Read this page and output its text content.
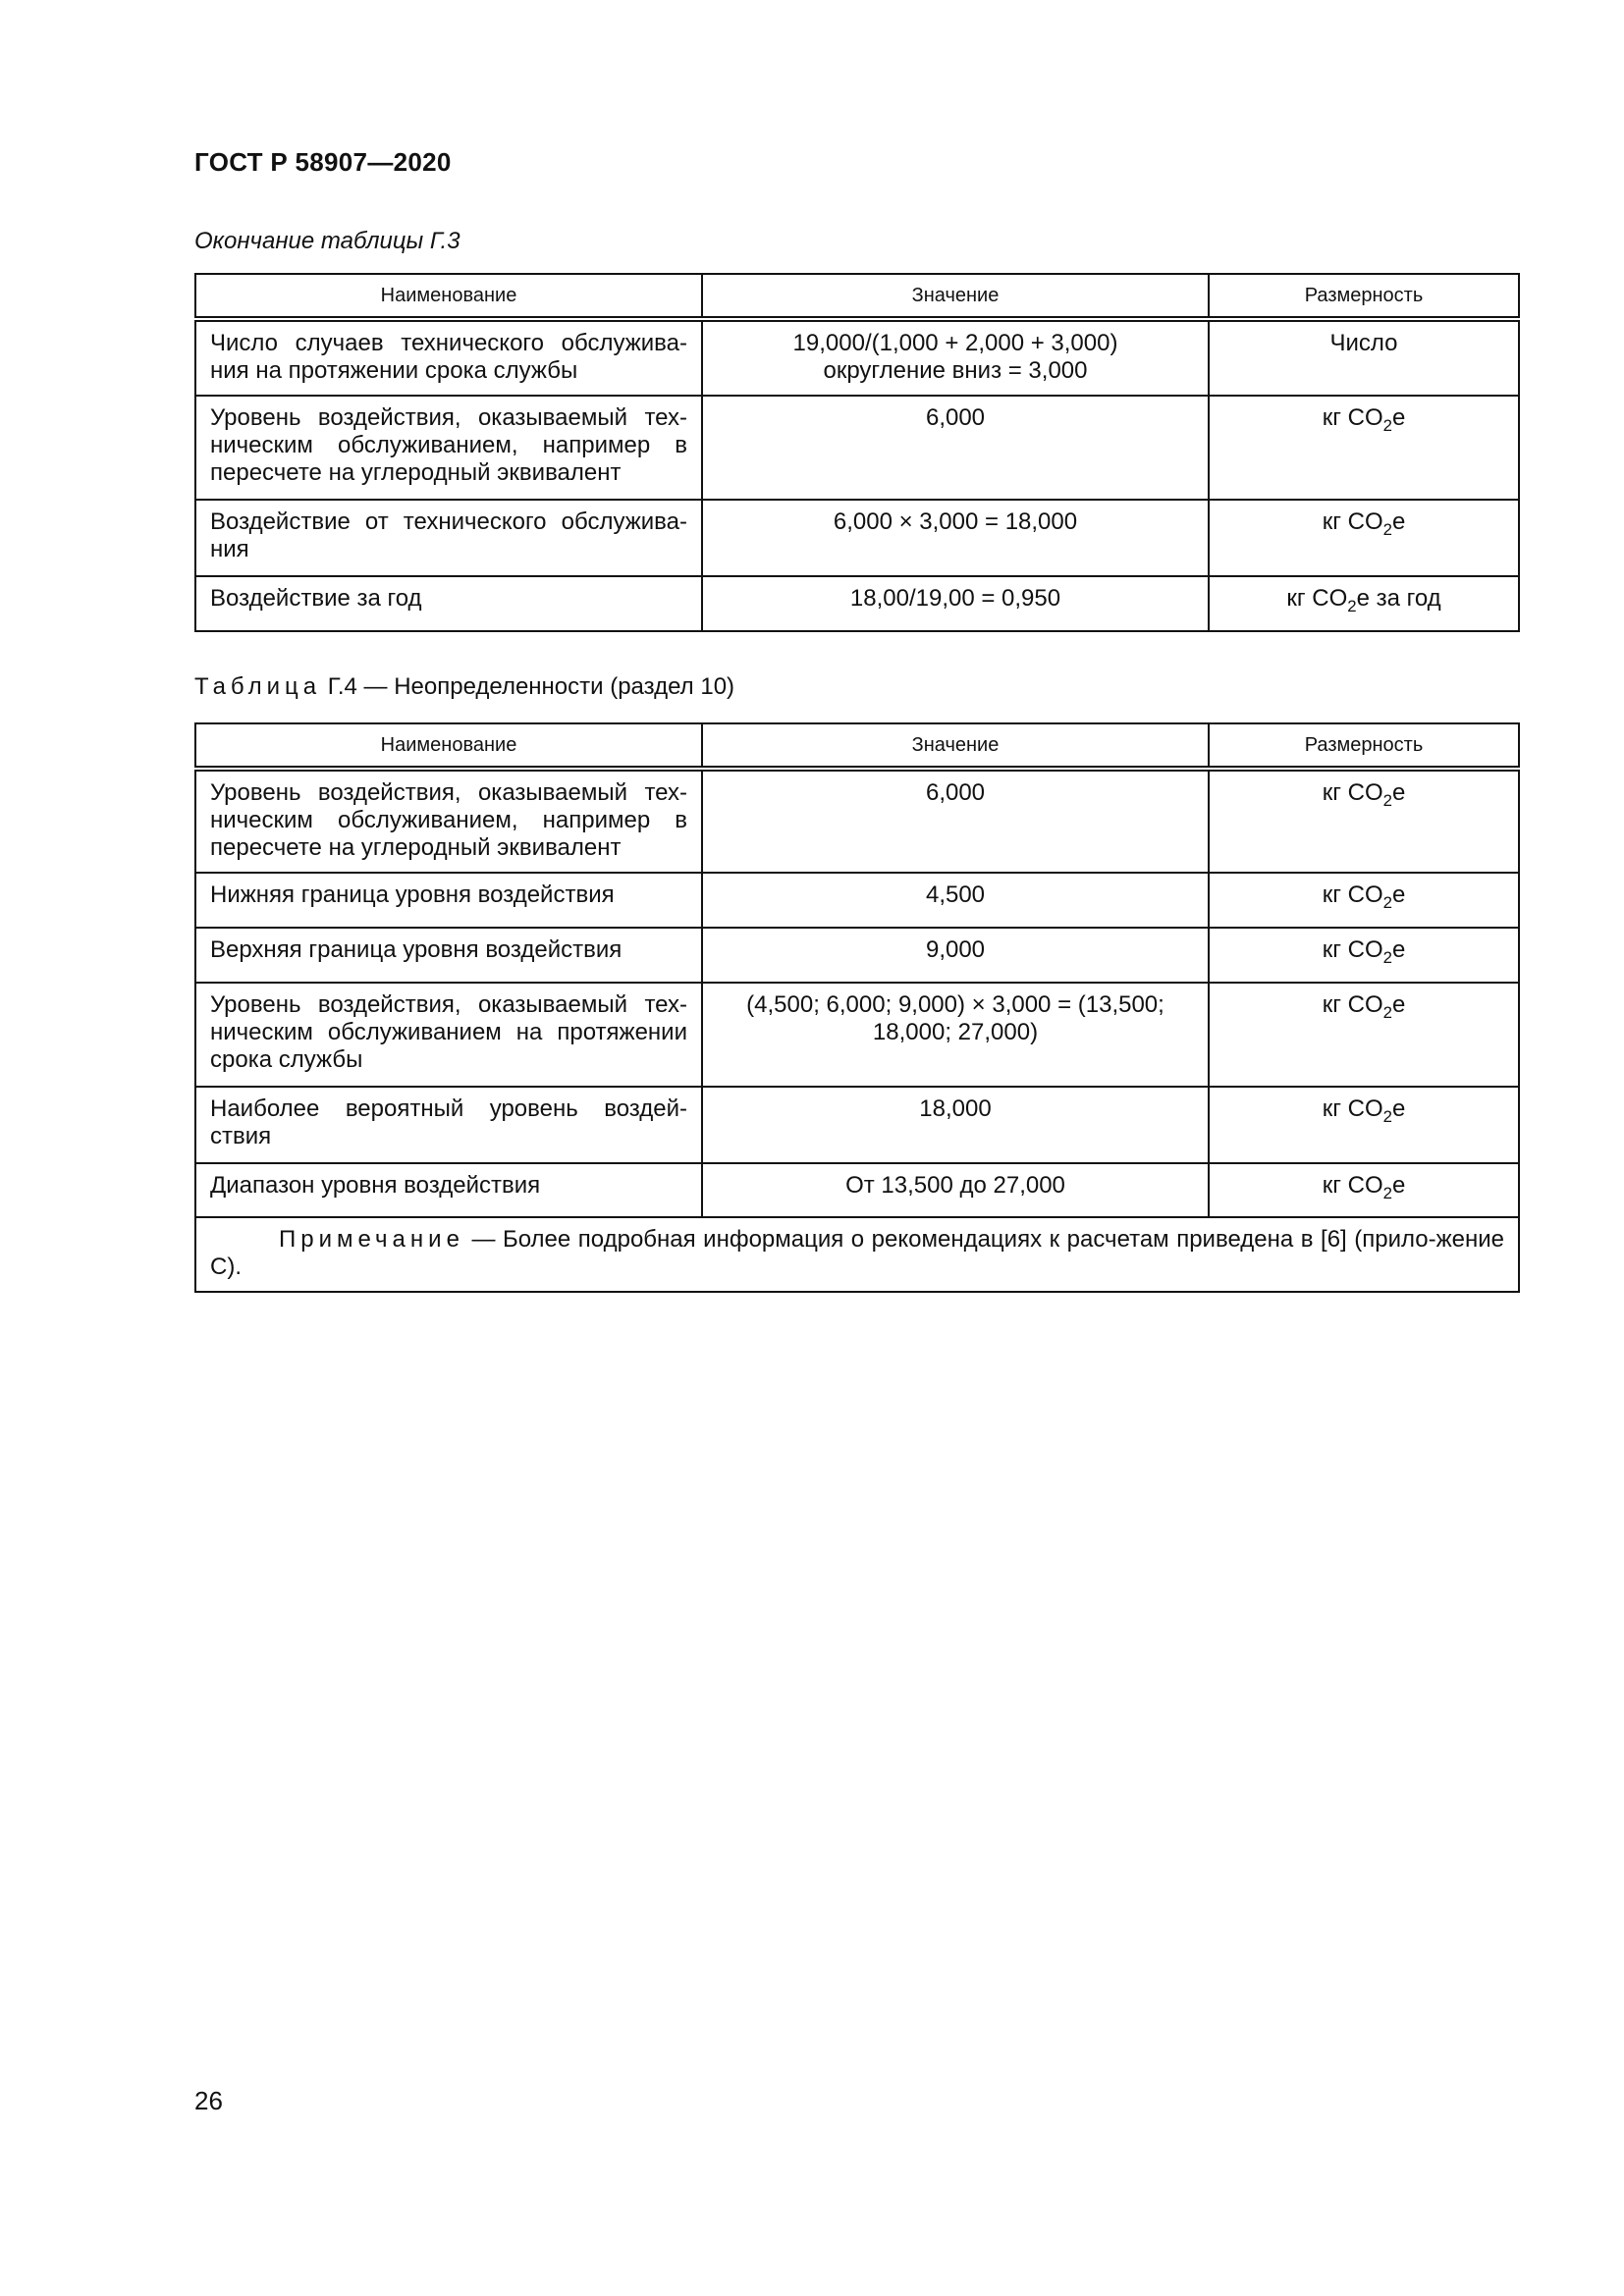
ГОСТ Р 58907—2020
Окончание таблицы Г.3
Наименование	Значение	Размерность
Число случаев технического обслужива-ния на протяжении срока службы	19,000/(1,000 + 2,000 + 3,000) округление вниз = 3,000	Число
Уровень воздействия, оказываемый тех-ническим обслуживанием, например в пересчете на углеродный эквивалент	6,000	кг $CO_2e$
Воздействие от технического обслужива-ния	6,000 × 3,000 = 18,000	кг $CO_2e$
Воздействие за год	18,00/19,00 = 0,950	кг $CO_2e$ за год
Таблица Г.4 — Неопределенности (раздел 10)
Наименование	Значение	Размерность
Уровень воздействия, оказываемый тех-ническим обслуживанием, например в пересчете на углеродный эквивалент	6,000	кг $CO_2e$
Нижняя граница уровня воздействия	4,500	кг $CO_2e$
Верхняя граница уровня воздействия	9,000	кг $CO_2e$
Уровень воздействия, оказываемый тех-ническим обслуживанием на протяжении срока службы	(4,500; 6,000; 9,000) × 3,000 = (13,500; 18,000; 27,000)	кг $CO_2e$
Наиболее вероятный уровень воздей-ствия	18,000	кг $CO_2e$
Диапазон уровня воздействия	От 13,500 до 27,000	кг $CO_2e$
Примечание — Более подробная информация о рекомендациях к расчетам приведена в [6] (прило-жение С).		
26
